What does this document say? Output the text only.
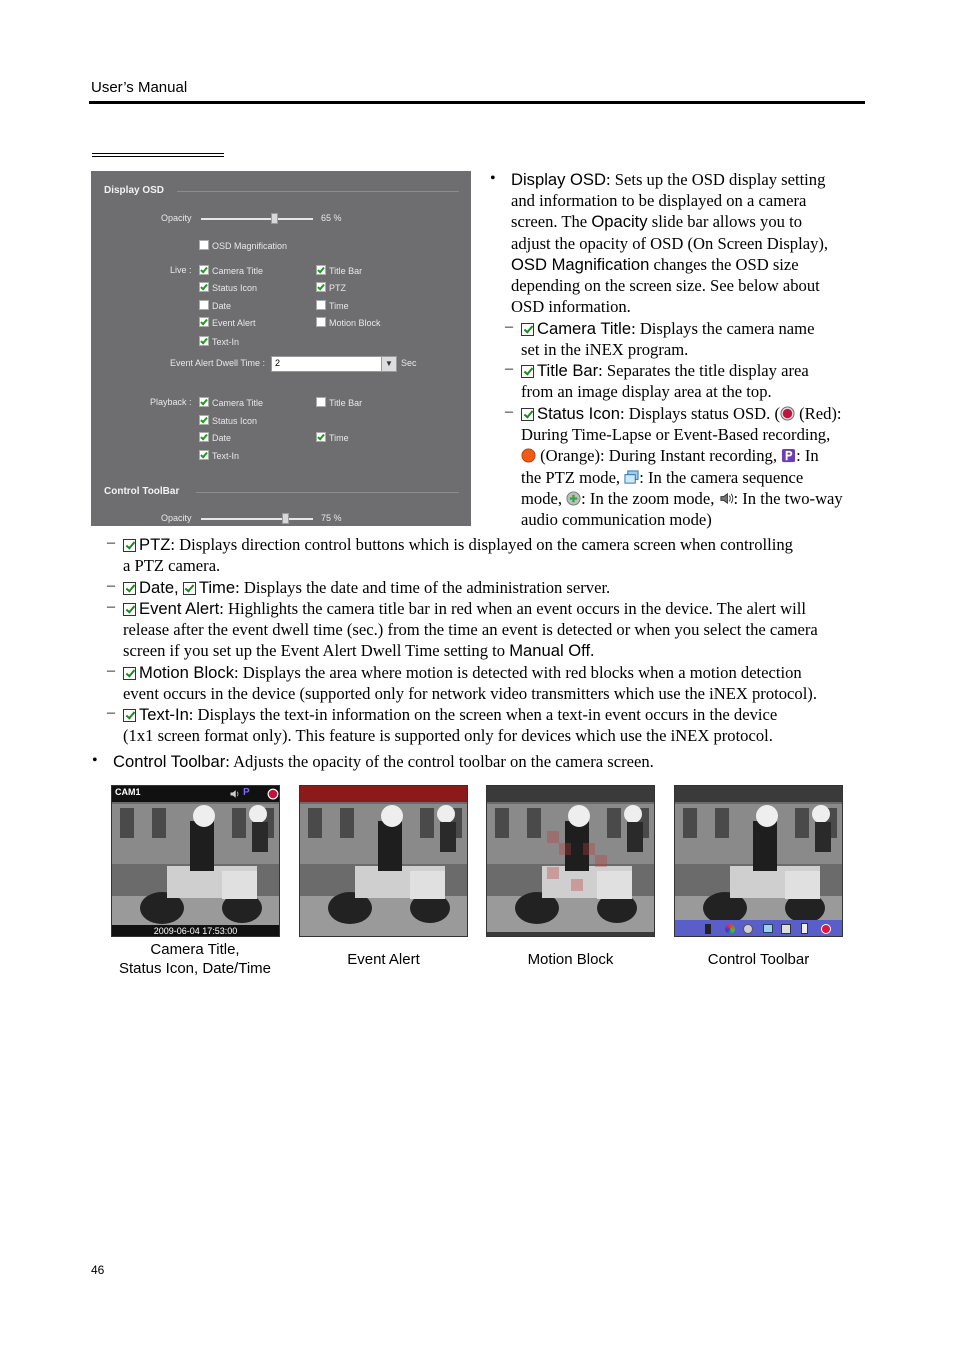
User’s Manual
Display OSD
Opacity	65 %
OSD Magnification
Live :	Camera Title	Title Bar
Status Icon	PTZ
Date	Time
Event Alert	Motion Block
Text-In
Event Alert Dwell Time : 2	▼ Sec
Playback :	Camera Title	Title Bar
Status Icon
Date	Time
Text-In
Control ToolBar
Opacity	75 %
• Display OSD: Sets up the OSD display setting
and information to be displayed on a camera
screen. The Opacity slide bar allows you to
adjust the opacity of OSD (On Screen Display),
OSD Magnification changes the OSD size
depending on the screen size. See below about
OSD information.
–	Camera Title: Displays the camera name
set in the iNEX program.
–	Title Bar: Separates the title display area
from an image display area at the top.
–	Status Icon: Displays status OSD. ( (Red):
During Time-Lapse or Event-Based recording,
(Orange): During Instant recording, : In
the PTZ mode, : In the camera sequence
mode, : In the zoom mode, : In the two-way
audio communication mode)
–	PTZ: Displays direction control buttons which is displayed on the camera screen when controlling
a PTZ camera.
–	Date, Time: Displays the date and time of the administration server.
–	Event Alert: Highlights the camera title bar in red when an event occurs in the device. The alert will
release after the event dwell time (sec.) from the time an event is detected or when you select the camera
screen if you set up the Event Alert Dwell Time setting to Manual Off.
–	Motion Block: Displays the area where motion is detected with red blocks when a motion detection
event occurs in the device (supported only for network video transmitters which use the iNEX protocol).
–	Text-In: Displays the text-in information on the screen when a text-in event occurs in the device
(1x1 screen format only). This feature is supported only for devices which use the iNEX protocol.
• Control Toolbar: Adjusts the opacity of the control toolbar on the camera screen.
CAM1	P
2009-06-04 17:53:00
Camera Title,
Status Icon, Date/Time
Event Alert	Motion Block	Control Toolbar
46
